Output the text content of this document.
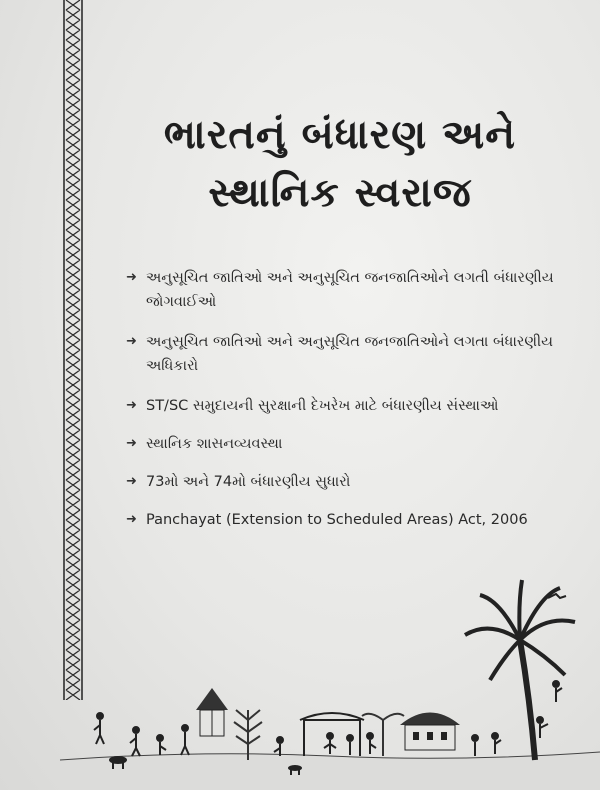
ભારતનું બંધારણ અને
સ્થાનિક સ્વરાજ
➜ અનુસૂચિત જાતિઓ અને અનુસૂચિત જનજાતિઓને લગતી બંધારણીય જોગવાઈઓ
➜ અનુસૂચિત જાતિઓ અને અનુસૂચિત જનજાતિઓને લગતા બંધારણીય અધિકારો
➜ ST/SC સમુદાયની સુરક્ષાની દેખરેખ માટે બંધારણીય સંસ્થાઓ
➜ સ્થાનિક શાસનવ્યવસ્થા
➜ 73મો અને 74મો બંધારણીય સુધારો
➜ Panchayat (Extension to Scheduled Areas) Act, 2006
